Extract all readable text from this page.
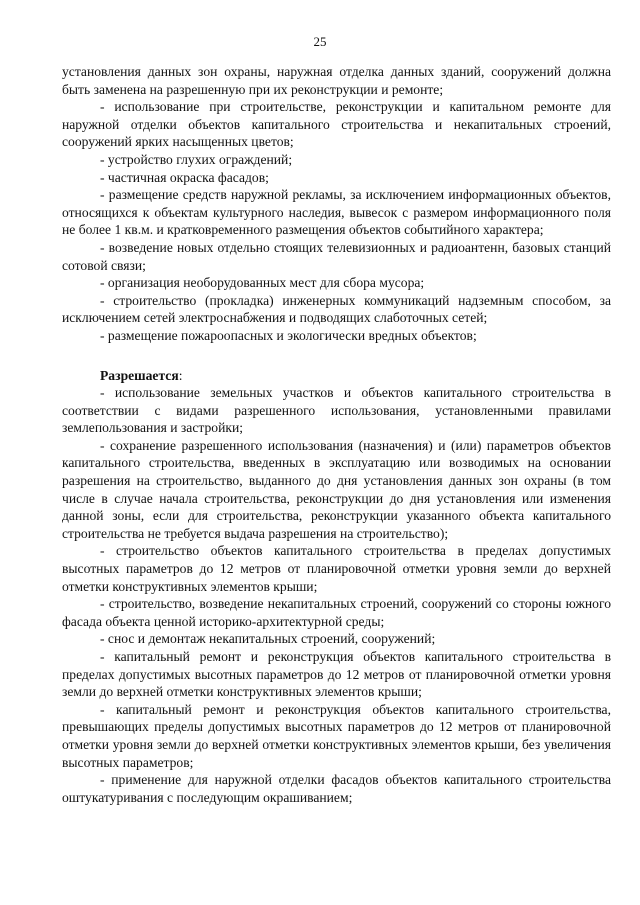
25

установления данных зон охраны, наружная отделка данных зданий, сооружений должна быть заменена на разрешенную при их реконструкции и ремонте;

- использование при строительстве, реконструкции и капитальном ремонте для наружной отделки объектов капитального строительства и некапитальных строений, сооружений ярких насыщенных цветов;

- устройство глухих ограждений;

- частичная окраска фасадов;

- размещение средств наружной рекламы, за исключением информационных объектов, относящихся к объектам культурного наследия, вывесок с размером информационного поля не более 1 кв.м. и кратковременного размещения объектов событийного характера;

- возведение новых отдельно стоящих телевизионных и радиоантенн, базовых станций сотовой связи;

- организация необорудованных мест для сбора мусора;

- строительство (прокладка) инженерных коммуникаций надземным способом, за исключением сетей электроснабжения и подводящих слаботочных сетей;

- размещение пожароопасных и экологически вредных объектов;

Разрешается:

- использование земельных участков и объектов капитального строительства в соответствии с видами разрешенного использования, установленными правилами землепользования и застройки;

- сохранение разрешенного использования (назначения) и (или) параметров объектов капитального строительства, введенных в эксплуатацию или возводимых на основании разрешения на строительство, выданного до дня установления данных зон охраны (в том числе в случае начала строительства, реконструкции до дня установления или изменения данной зоны, если для строительства, реконструкции указанного объекта капитального строительства не требуется выдача разрешения на строительство);

- строительство объектов капитального строительства в пределах допустимых высотных параметров до 12 метров от планировочной отметки уровня земли до верхней отметки конструктивных элементов крыши;

- строительство, возведение некапитальных строений, сооружений со стороны южного фасада объекта ценной историко-архитектурной среды;

- снос и демонтаж некапитальных строений, сооружений;

- капитальный ремонт и реконструкция объектов капитального строительства в пределах допустимых высотных параметров до 12 метров от планировочной отметки уровня земли до верхней отметки конструктивных элементов крыши;

- капитальный ремонт и реконструкция объектов капитального строительства, превышающих пределы допустимых высотных параметров до 12 метров от планировочной отметки уровня земли до верхней отметки конструктивных элементов крыши, без увеличения высотных параметров;

- применение для наружной отделки фасадов объектов капитального строительства оштукатуривания с последующим окрашиванием;
